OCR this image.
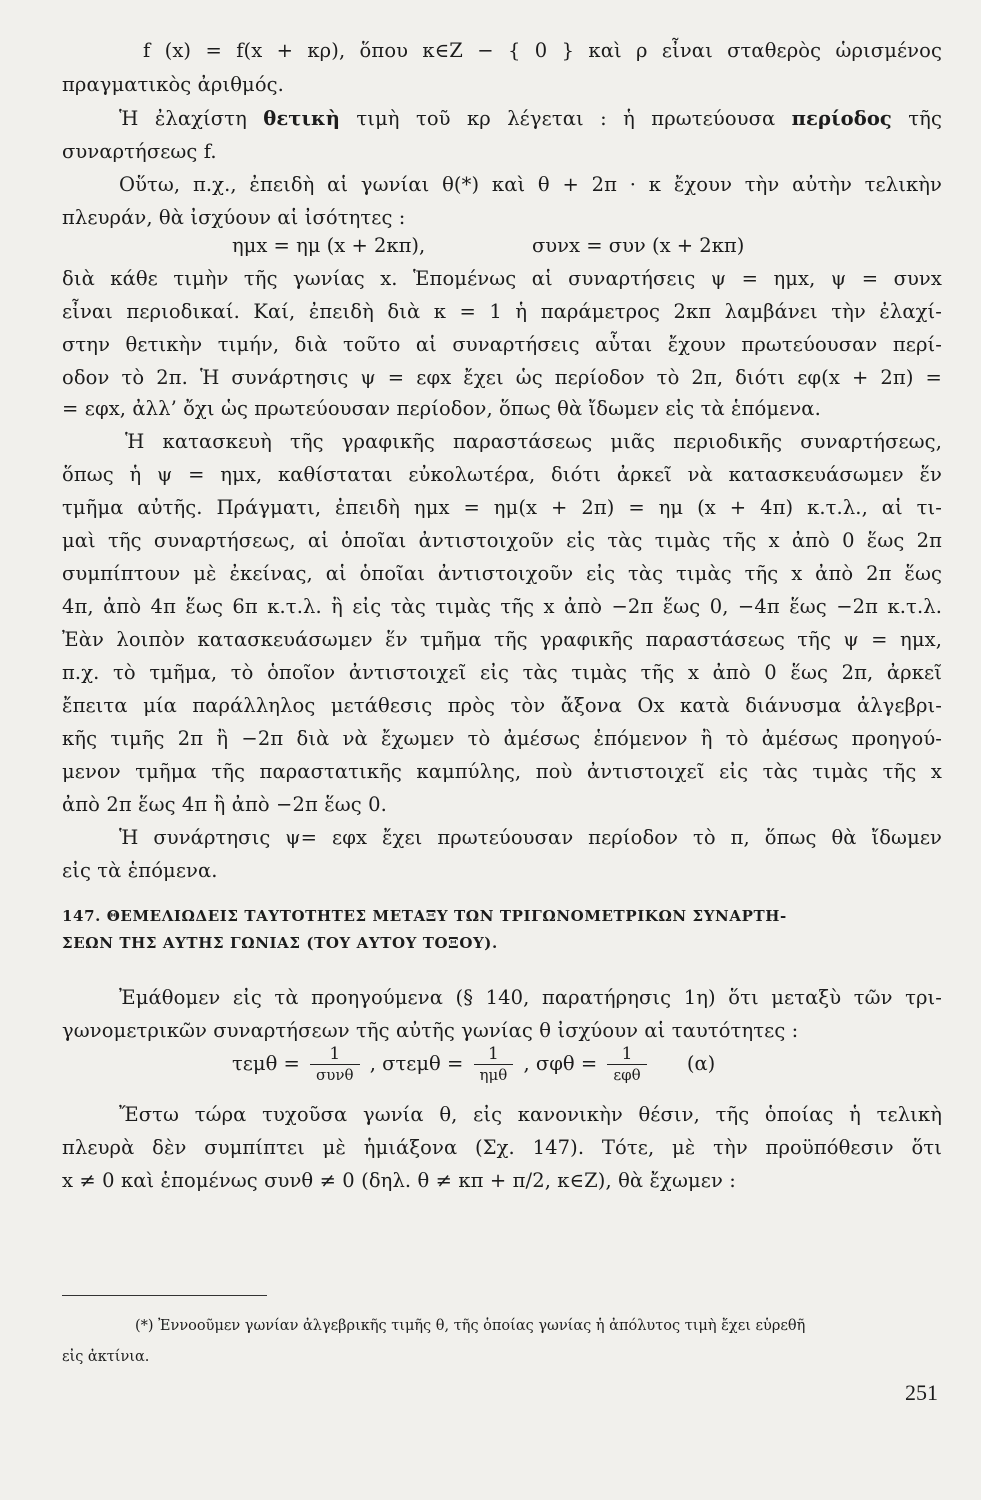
f (x) = f(x + κρ), ὅπου κ∈Z − { 0 } καὶ ρ εἶναι σταθερὸς ὡρισμένος
πραγματικὸς ἀριθμός.
Ἡ ἐλαχίστη θετικὴ τιμὴ τοῦ κρ λέγεται : ἡ πρωτεύουσα περίοδος τῆς
συναρτήσεως f.
Οὕτω, π.χ., ἐπειδὴ αἱ γωνίαι θ(*) καὶ θ + 2π · κ ἔχουν τὴν αὐτὴν τελικὴν
πλευράν, θὰ ἰσχύουν αἱ ἰσότητες :
ημx = ημ (x + 2κπ),	συνx = συν (x + 2κπ)
διὰ κάθε τιμὴν τῆς γωνίας x. Ἑπομένως αἱ συναρτήσεις ψ = ημx, ψ = συνx
εἶναι περιοδικαί. Καί, ἐπειδὴ διὰ κ = 1 ἡ παράμετρος 2κπ λαμβάνει τὴν ἐλαχί-
στην θετικὴν τιμήν, διὰ τοῦτο αἱ συναρτήσεις αὗται ἔχουν πρωτεύουσαν περί-
οδον τὸ 2π. Ἡ συνάρτησις ψ = εφx ἔχει ὡς περίοδον τὸ 2π, διότι εφ(x + 2π) =
= εφx, ἀλλ’ ὄχι ὡς πρωτεύουσαν περίοδον, ὅπως θὰ ἴδωμεν εἰς τὰ ἑπόμενα.
Ἡ κατασκευὴ τῆς γραφικῆς παραστάσεως μιᾶς περιοδικῆς συναρτήσεως,
ὅπως ἡ ψ = ημx, καθίσταται εὐκολωτέρα, διότι ἀρκεῖ νὰ κατασκευάσωμεν ἕν
τμῆμα αὐτῆς. Πράγματι, ἐπειδὴ ημx = ημ(x + 2π) = ημ (x + 4π) κ.τ.λ., αἱ τι-
μαὶ τῆς συναρτήσεως, αἱ ὁποῖαι ἀντιστοιχοῦν εἰς τὰς τιμὰς τῆς x ἀπὸ 0 ἕως 2π
συμπίπτουν μὲ ἐκείνας, αἱ ὁποῖαι ἀντιστοιχοῦν εἰς τὰς τιμὰς τῆς x ἀπὸ 2π ἕως
4π, ἀπὸ 4π ἕως 6π κ.τ.λ. ἢ εἰς τὰς τιμὰς τῆς x ἀπὸ −2π ἕως 0, −4π ἕως −2π κ.τ.λ.
Ἐὰν λοιπὸν κατασκευάσωμεν ἕν τμῆμα τῆς γραφικῆς παραστάσεως τῆς ψ = ημx,
π.χ. τὸ τμῆμα, τὸ ὁποῖον ἀντιστοιχεῖ εἰς τὰς τιμὰς τῆς x ἀπὸ 0 ἕως 2π, ἀρκεῖ
ἔπειτα μία παράλληλος μετάθεσις πρὸς τὸν ἄξονα Ox κατὰ διάνυσμα ἀλγεβρι-
κῆς τιμῆς 2π ἢ −2π διὰ νὰ ἔχωμεν τὸ ἀμέσως ἑπόμενον ἢ τὸ ἀμέσως προηγού-
μενον τμῆμα τῆς παραστατικῆς καμπύλης, ποὺ ἀντιστοιχεῖ εἰς τὰς τιμὰς τῆς x
ἀπὸ 2π ἕως 4π ἢ ἀπὸ −2π ἕως 0.
Ἡ συνάρτησις ψ= εφx ἔχει πρωτεύουσαν περίοδον τὸ π, ὅπως θὰ ἴδωμεν
εἰς τὰ ἑπόμενα.
147. ΘΕΜΕΛΙΩΔΕΙΣ ΤΑΥΤΟΤΗΤΕΣ ΜΕΤΑΞΥ ΤΩΝ ΤΡΙΓΩΝΟΜΕΤΡΙΚΩΝ ΣΥΝΑΡΤΗ-
ΣΕΩΝ ΤΗΣ ΑΥΤΗΣ ΓΩΝΙΑΣ (ΤΟΥ ΑΥΤΟΥ ΤΟΞΟΥ).
Ἐμάθομεν εἰς τὰ προηγούμενα (§ 140, παρατήρησις 1η) ὅτι μεταξὺ τῶν τρι-
γωνομετρικῶν συναρτήσεων τῆς αὐτῆς γωνίας θ ἰσχύουν αἱ ταυτότητες :
$\tau\varepsilon\mu\theta = \frac{1}{\text{συνθ}}$ , $\sigma\tau\varepsilon\mu\theta = \frac{1}{\text{ημθ}}$ , $\sigma\varphi\theta = \frac{1}{\text{εφθ}} (\alpha)$
Ἔστω τώρα τυχοῦσα γωνία θ, εἰς κανονικὴν θέσιν, τῆς ὁποίας ἡ τελικὴ
πλευρὰ δὲν συμπίπτει μὲ ἡμιάξονα (Σχ. 147). Τότε, μὲ τὴν προϋπόθεσιν ὅτι
x ≠ 0 καὶ ἑπομένως συνθ ≠ 0 (δηλ. θ ≠ κπ + π/2, κ∈Z), θὰ ἔχωμεν :
(*) Ἐννοοῦμεν γωνίαν ἀλγεβρικῆς τιμῆς θ, τῆς ὁποίας γωνίας ἡ ἀπόλυτος τιμὴ ἔχει εὑρεθῆ
εἰς ἀκτίνια.
251
